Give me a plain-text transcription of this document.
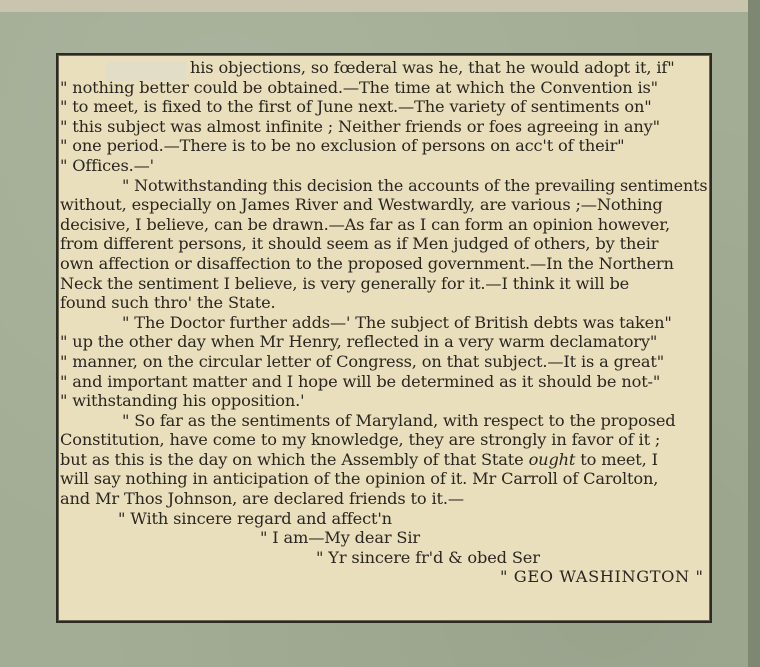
his objections, so fœderal was he, that he would adopt it, if"
" nothing better could be obtained.—The time at which the Convention is"
" to meet, is fixed to the first of June next.—The variety of sentiments on"
" this subject was almost infinite ; Neither friends or foes agreeing in any"
" one period.—There is to be no exclusion of persons on acc't of their"
" Offices.—'
" Notwithstanding this decision the accounts of the prevailing sentiments
without, especially on James River and Westwardly, are various ;—Nothing
decisive, I believe, can be drawn.—As far as I can form an opinion however,
from different persons, it should seem as if Men judged of others, by their
own affection or disaffection to the proposed government.—In the Northern
Neck the sentiment I believe, is very generally for it.—I think it will be
found such thro' the State.
" The Doctor further adds—' The subject of British debts was taken"
" up the other day when Mr Henry, reflected in a very warm declamatory"
" manner, on the circular letter of Congress, on that subject.—It is a great"
" and important matter and I hope will be determined as it should be not-"
" withstanding his opposition.'
" So far as the sentiments of Maryland, with respect to the proposed
Constitution, have come to my knowledge, they are strongly in favor of it ;
but as this is the day on which the Assembly of that State ought to meet, I
will say nothing in anticipation of the opinion of it. Mr Carroll of Carolton,
and Mr Thos Johnson, are declared friends to it.—
" With sincere regard and affect'n
" I am—My dear Sir
" Yr sincere fr'd & obed Ser
" GEO WASHINGTON "
